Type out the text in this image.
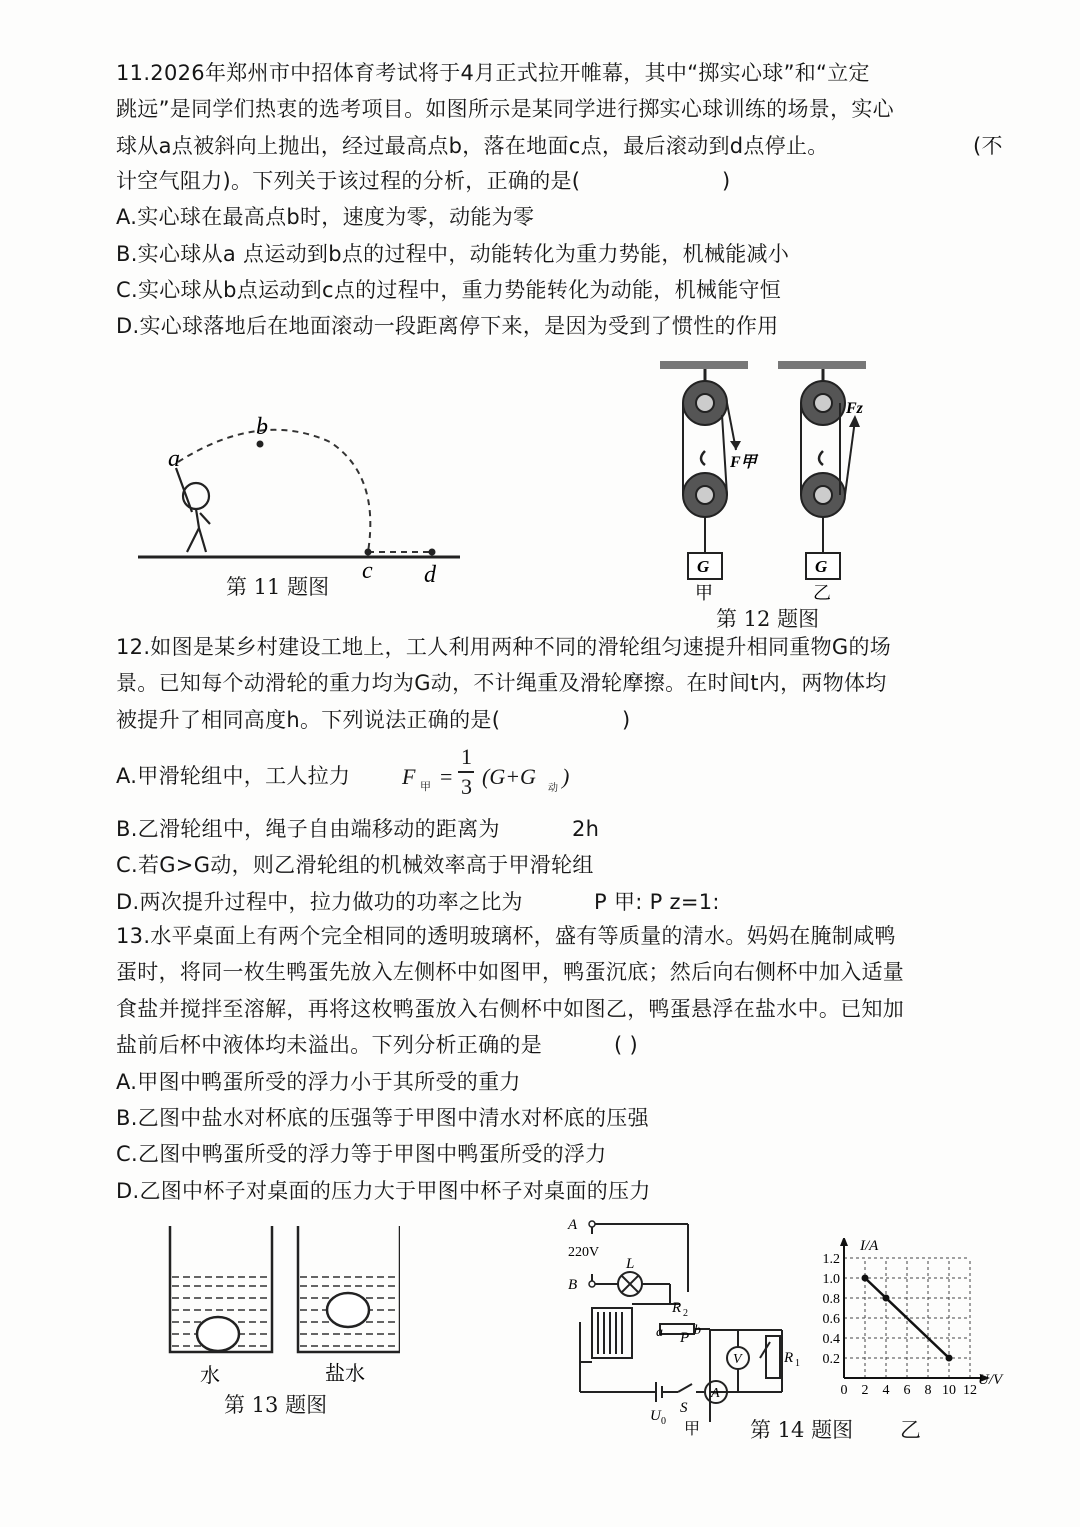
11.2026年郑州市中招体育考试将于4月正式拉开帷幕，其中“掷实心球”和“立定
跳远”是同学们热衷的选考项目。如图所示是某同学进行掷实心球训练的场景，实心
球从a点被斜向上抛出，经过最高点b，落在地面c点，最后滚动到d点停止。	(不
计空气阻力)。下列关于该过程的分析，正确的是(	)
A.实心球在最高点b时，速度为零，动能为零
B.实心球从a 点运动到b点的过程中，动能转化为重力势能，机械能减小
C.实心球从b点运动到c点的过程中，重力势能转化为动能，机械能守恒
D.实心球落地后在地面滚动一段距离停下来，是因为受到了惯性的作用
a
b
c d
第 11 题图
G	G
F甲
Fz
甲	乙
第 12 题图
12.如图是某乡村建设工地上，工人利用两种不同的滑轮组匀速提升相同重物G的场
景。已知每个动滑轮的重力均为G动，不计绳重及滑轮摩擦。在时间t内，两物体均
被提升了相同高度h。下列说法正确的是(	)
A.甲滑轮组中，工人拉力 F 甲 =
1
3 (G+G 动 )
B.乙滑轮组中，绳子自由端移动的距离为	2h
C.若G>G动，则乙滑轮组的机械效率高于甲滑轮组
D.两次提升过程中，拉力做功的功率之比为	P 甲: P z=1:
13.水平桌面上有两个完全相同的透明玻璃杯，盛有等质量的清水。妈妈在腌制咸鸭
蛋时，将同一枚生鸭蛋先放入左侧杯中如图甲，鸭蛋沉底；然后向右侧杯中加入适量
食盐并搅拌至溶解，再将这枚鸭蛋放入右侧杯中如图乙，鸭蛋悬浮在盐水中。已知加
盐前后杯中液体均未溢出。下列分析正确的是	( )
A.甲图中鸭蛋所受的浮力小于其所受的重力
B.乙图中盐水对杯底的压强等于甲图中清水对杯底的压强
C.乙图中鸭蛋所受的浮力等于甲图中鸭蛋所受的浮力
D.乙图中杯子对桌面的压力大于甲图中杯子对桌面的压力
水	盐水
第 13 题图
A
220V
B
L
R 2
a b
P
V	R 1
A
S
U 0 甲
0 2 4 6 8 10 12
0.2
0.4
0.6
0.8
1.0
1.2
I/A
U/V
第 14 题图 乙
